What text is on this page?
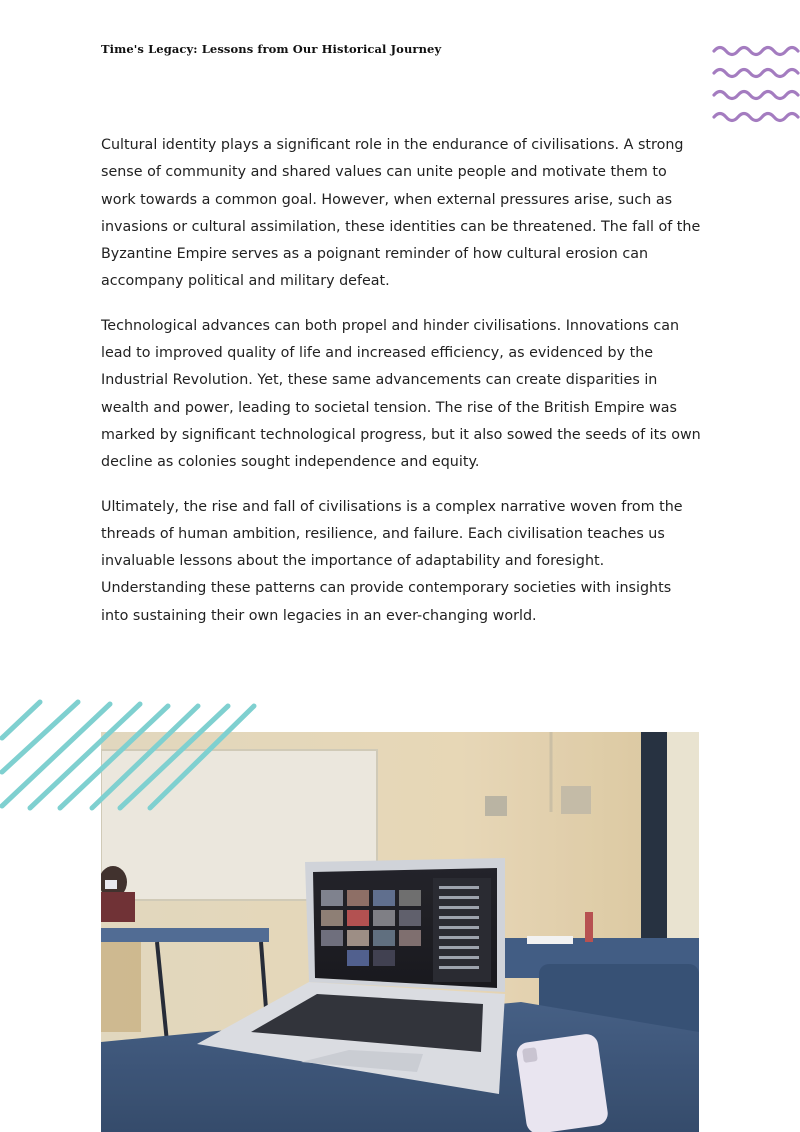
Time's Legacy: Lessons from Our Historical Journey

Cultural identity plays a significant role in the endurance of civilisations. A strong sense of community and shared values can unite people and motivate them to work towards a common goal. However, when external pressures arise, such as invasions or cultural assimilation, these identities can be threatened. The fall of the Byzantine Empire serves as a poignant reminder of how cultural erosion can accompany political and military defeat.

Technological advances can both propel and hinder civilisations. Innovations can lead to improved quality of life and increased efficiency, as evidenced by the Industrial Revolution. Yet, these same advancements can create disparities in wealth and power, leading to societal tension. The rise of the British Empire was marked by significant technological progress, but it also sowed the seeds of its own decline as colonies sought independence and equity.

Ultimately, the rise and fall of civilisations is a complex narrative woven from the threads of human ambition, resilience, and failure. Each civilisation teaches us invaluable lessons about the importance of adaptability and foresight. Understanding these patterns can provide contemporary societies with insights into sustaining their own legacies in an ever-changing world.
